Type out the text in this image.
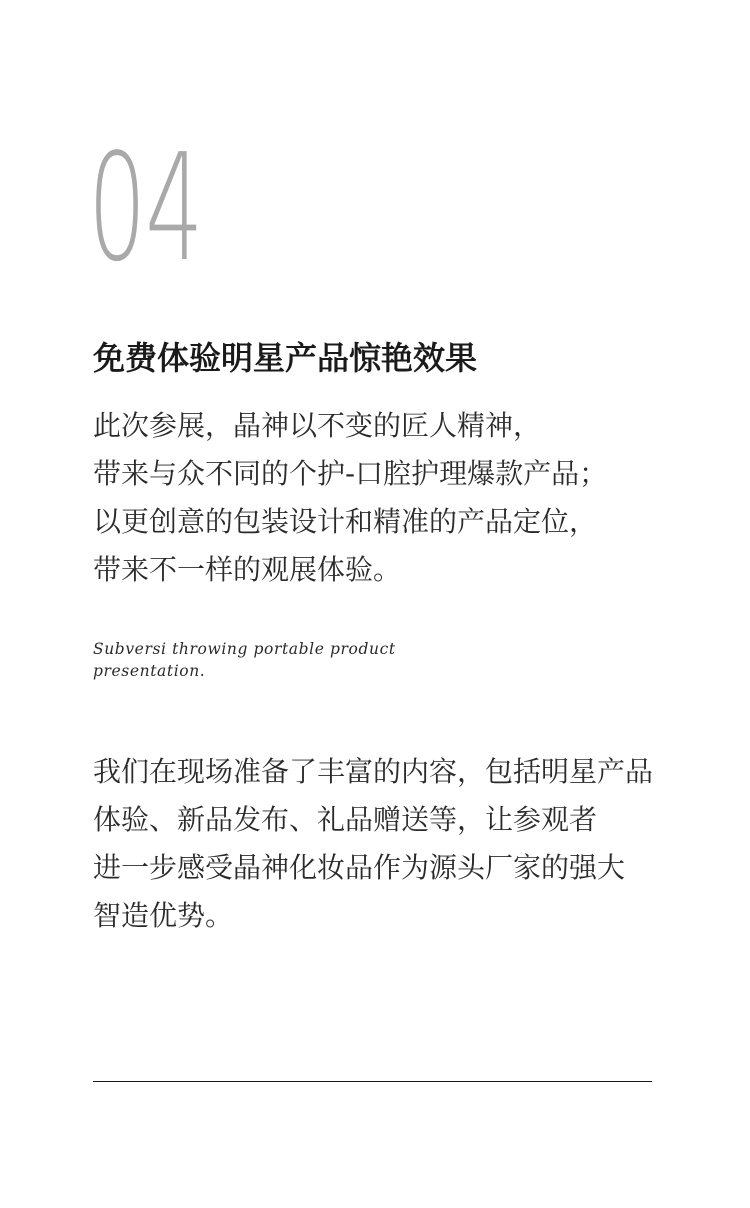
04
免费体验明星产品惊艳效果
此次参展，晶神以不变的匠人精神，
带来与众不同的个护-口腔护理爆款产品；
以更创意的包装设计和精准的产品定位，
带来不一样的观展体验。
Subversi throwing portable product
presentation.
我们在现场准备了丰富的内容，包括明星产品
体验、新品发布、礼品赠送等，让参观者
进一步感受晶神化妆品作为源头厂家的强大
智造优势。
